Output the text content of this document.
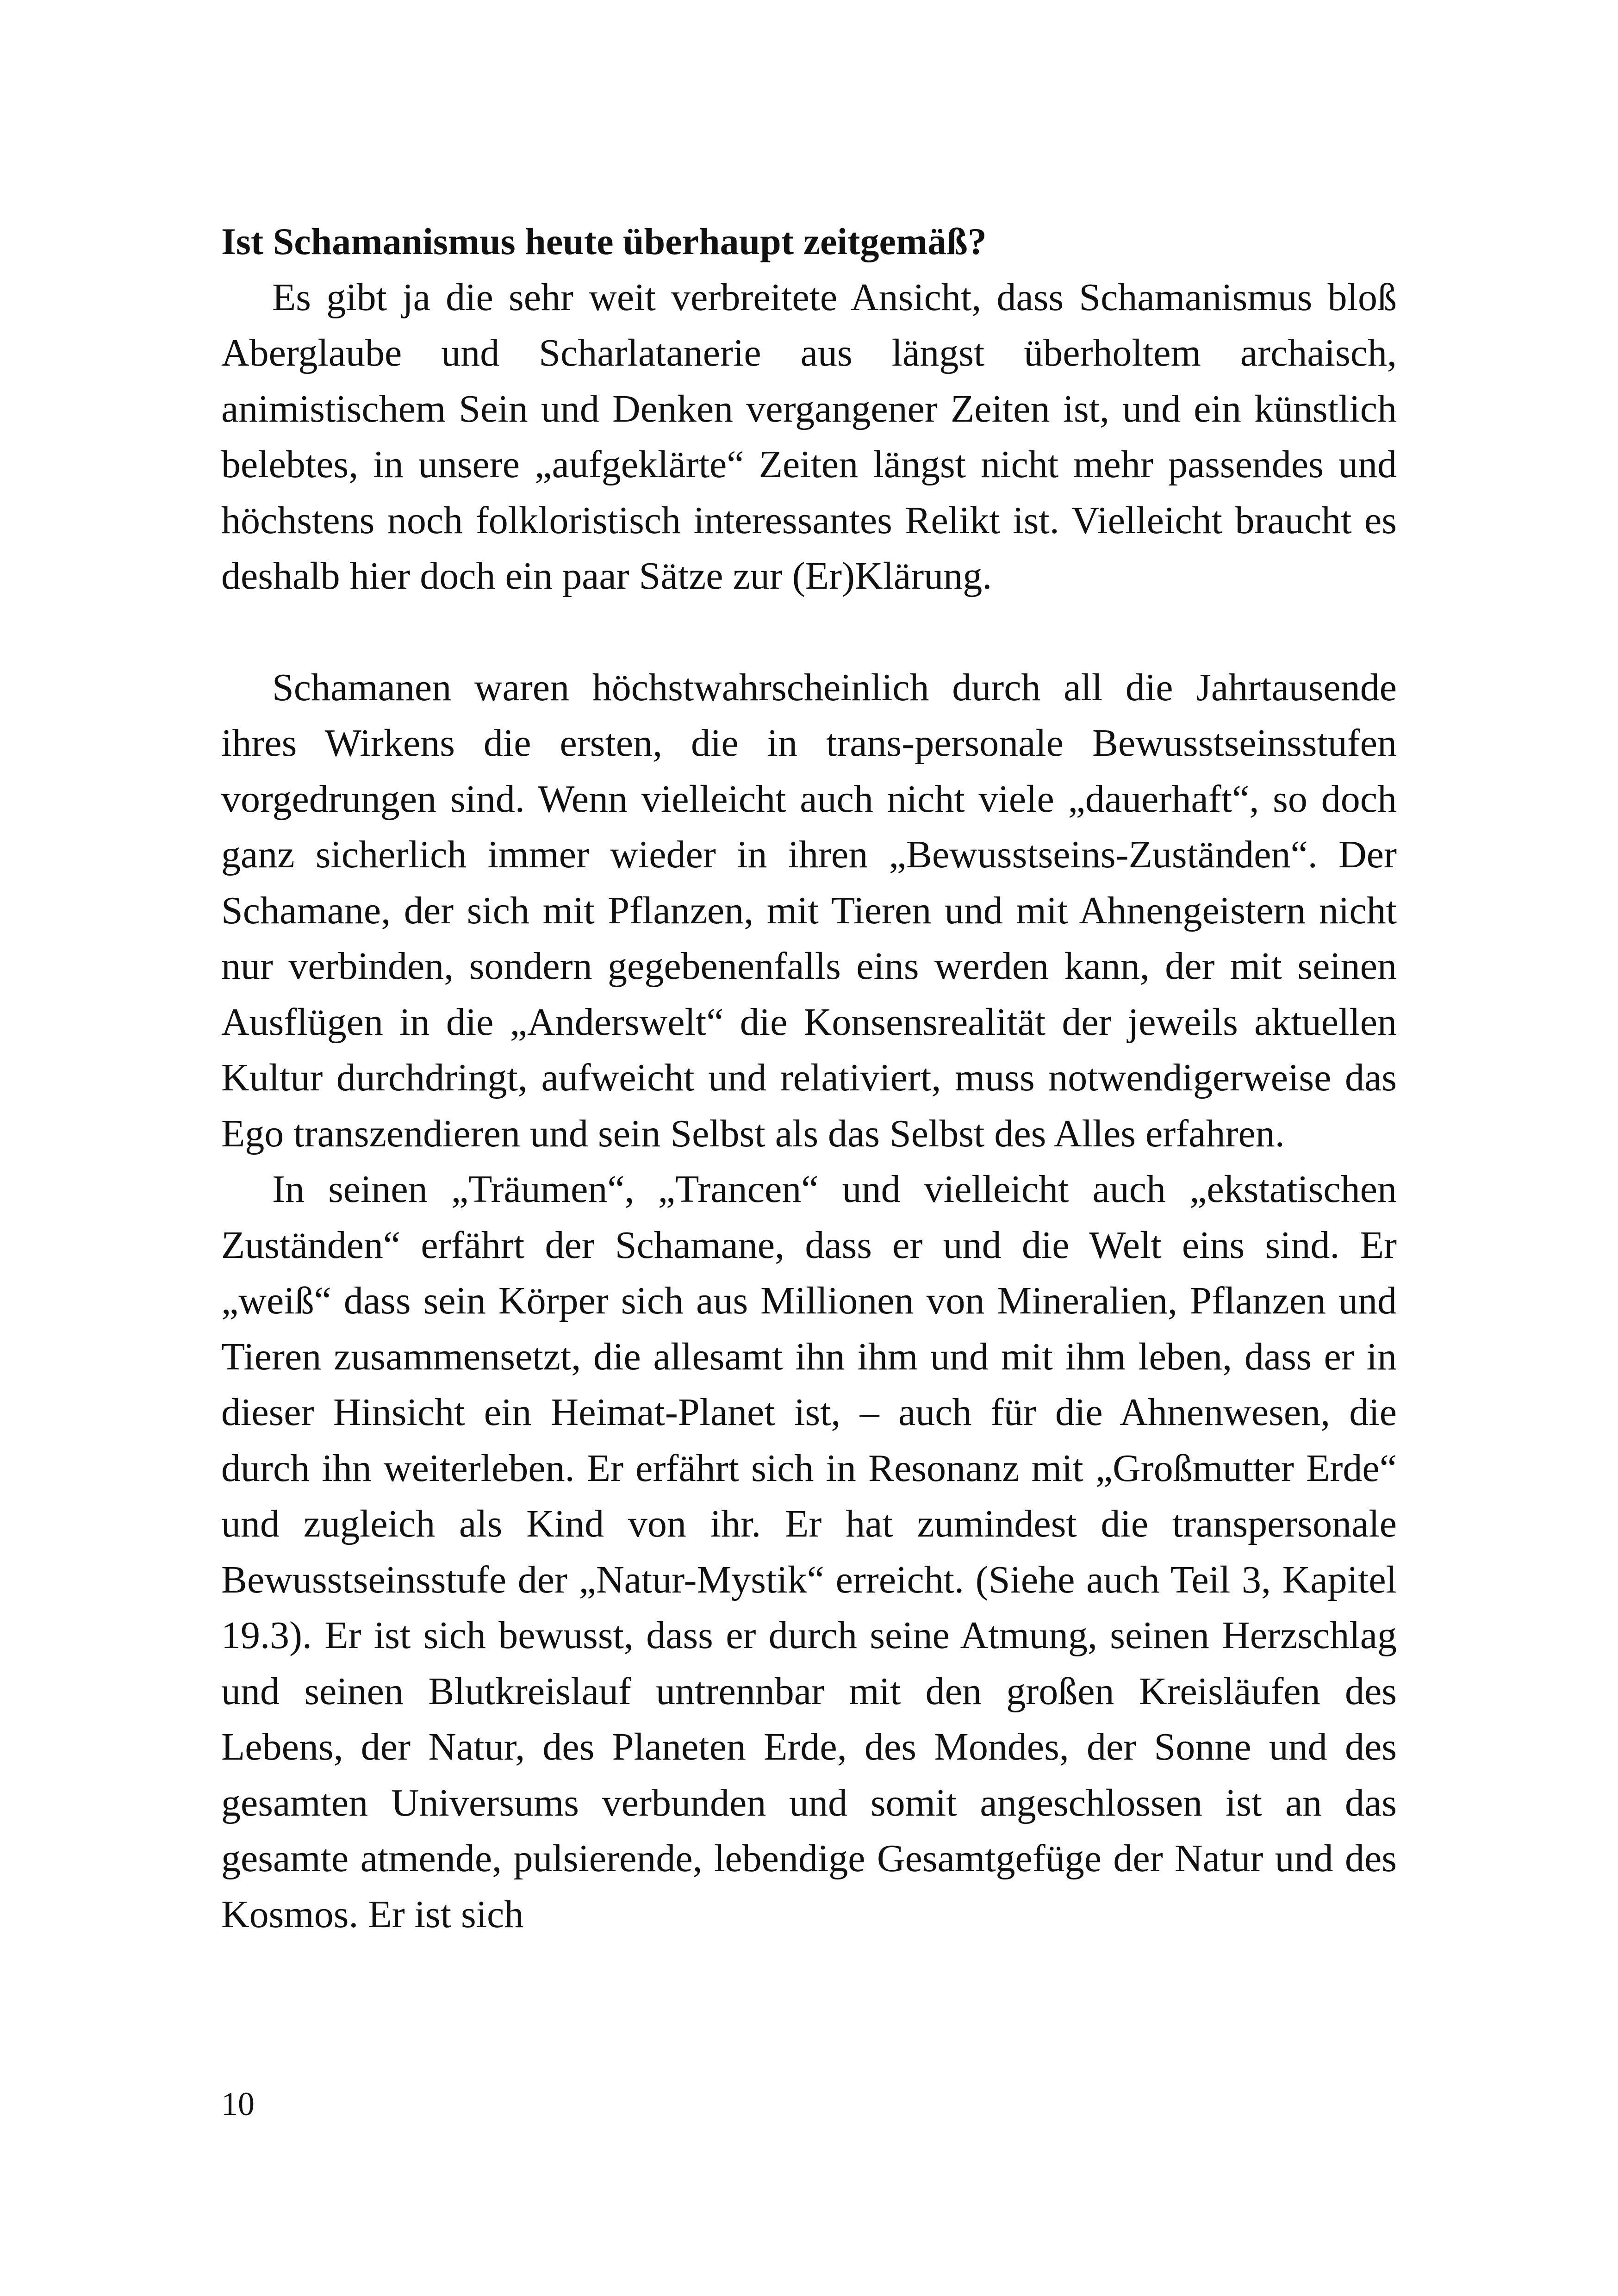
Ist Schamanismus heute überhaupt zeitgemäß?

Es gibt ja die sehr weit verbreitete Ansicht, dass Schamanismus bloß Aberglaube und Scharlatanerie aus längst überholtem archaisch, animistischem Sein und Denken vergangener Zeiten ist, und ein künstlich belebtes, in unsere „aufgeklärte“ Zeiten längst nicht mehr passendes und höchstens noch folkloristisch interessantes Relikt ist. Vielleicht braucht es deshalb hier doch ein paar Sätze zur (Er)Klärung.

Schamanen waren höchstwahrscheinlich durch all die Jahrtausende ihres Wirkens die ersten, die in trans-personale Bewusstseinsstufen vorgedrungen sind. Wenn vielleicht auch nicht viele „dauerhaft“, so doch ganz sicherlich immer wieder in ihren „Bewusstseins-Zuständen“. Der Schamane, der sich mit Pflanzen, mit Tieren und mit Ahnengeistern nicht nur verbinden, sondern gegebenenfalls eins werden kann, der mit seinen Ausflügen in die „Anderswelt“ die Konsensrealität der jeweils aktuellen Kultur durchdringt, aufweicht und relativiert, muss notwendigerweise das Ego transzendieren und sein Selbst als das Selbst des Alles erfahren.

In seinen „Träumen“, „Trancen“ und vielleicht auch „ekstatischen Zuständen“ erfährt der Schamane, dass er und die Welt eins sind. Er „weiß“ dass sein Körper sich aus Millionen von Mineralien, Pflanzen und Tieren zusammensetzt, die allesamt ihn ihm und mit ihm leben, dass er in dieser Hinsicht ein Heimat-Planet ist, – auch für die Ahnenwesen, die durch ihn weiterleben. Er erfährt sich in Resonanz mit „Großmutter Erde“ und zugleich als Kind von ihr. Er hat zumindest die transpersonale Bewusstseinsstufe der „Natur-Mystik“ erreicht. (Siehe auch Teil 3, Kapitel 19.3). Er ist sich bewusst, dass er durch seine Atmung, seinen Herzschlag und seinen Blutkreislauf untrennbar mit den großen Kreisläufen des Lebens, der Natur, des Planeten Erde, des Mondes, der Sonne und des gesamten Universums verbunden und somit angeschlossen ist an das gesamte atmende, pulsierende, lebendige Gesamtgefüge der Natur und des Kosmos. Er ist sich

10
